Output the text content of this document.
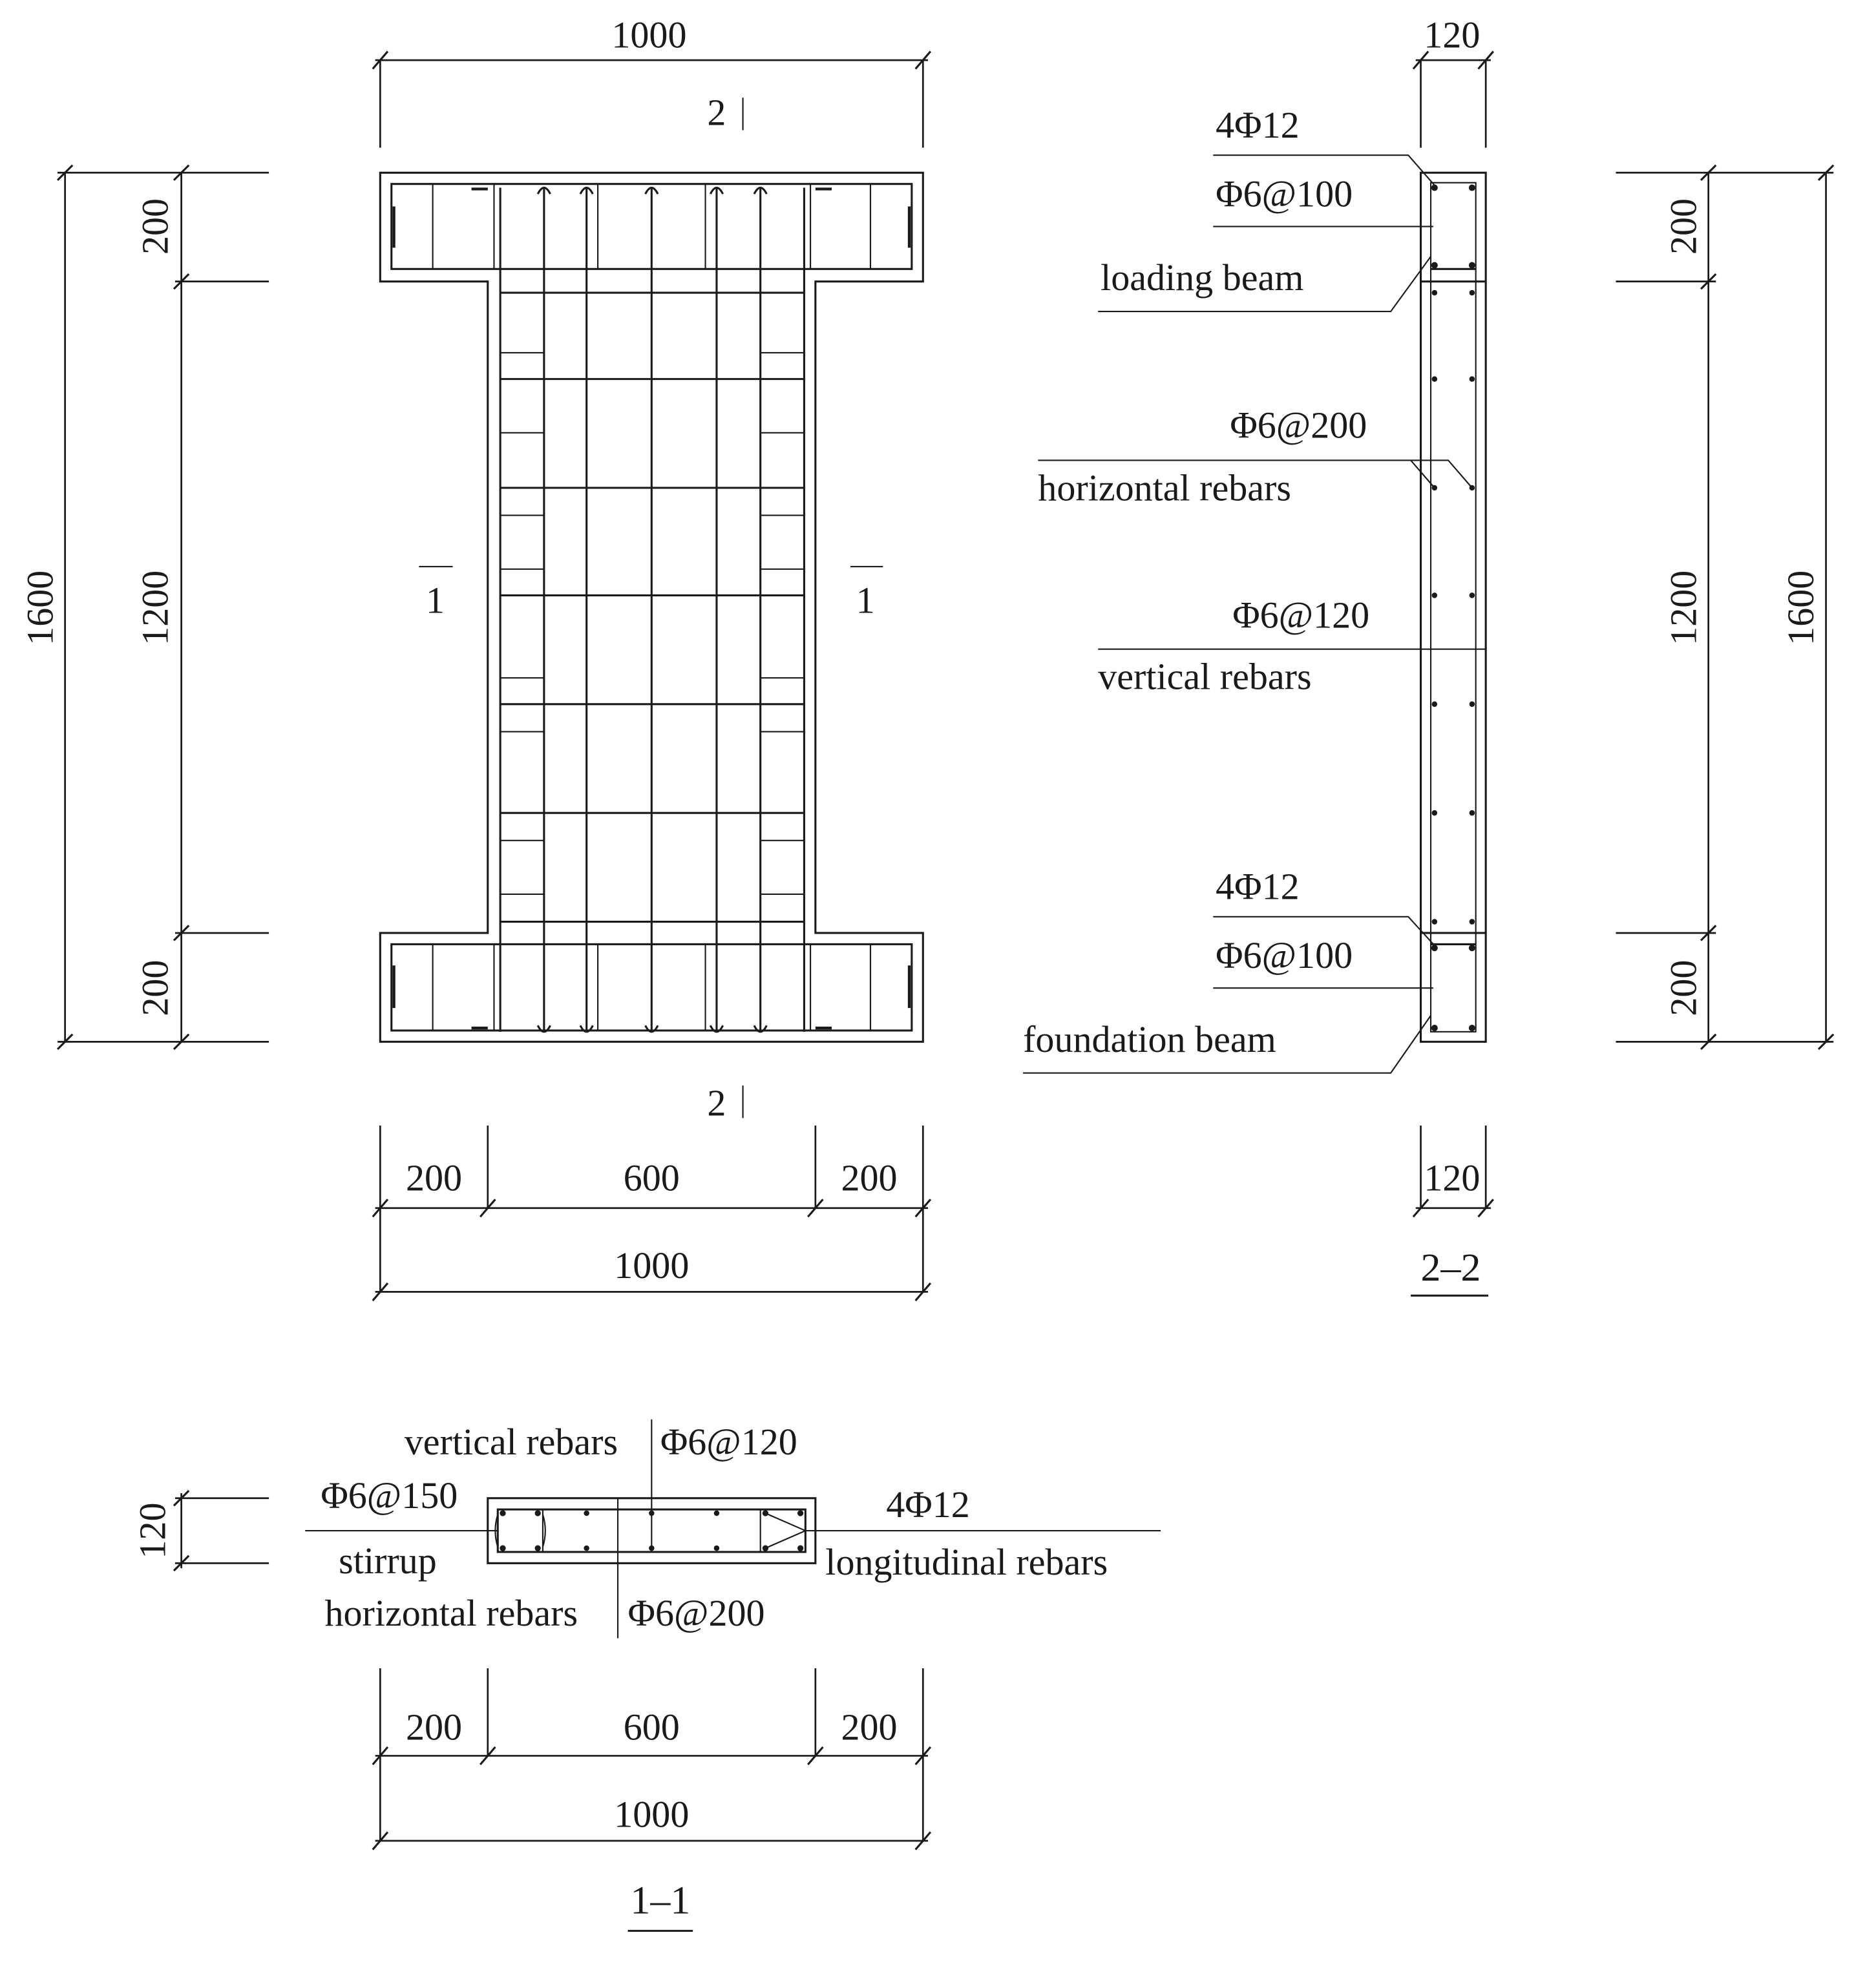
1000
2
2
1	1
1600
200
1200
200
200	600	200
1000
120
120
200
1200
200
1600
4Φ12
Φ6@100
loading beam
Φ6@200
horizontal rebars
Φ6@120
vertical rebars
4Φ12
Φ6@100
foundation beam
2–2
120
Φ6@150
stirrup
vertical rebars Φ6@120
horizontal rebars	Φ6@200
4Φ12
longitudinal rebars
200	600	200
1000
1–1
